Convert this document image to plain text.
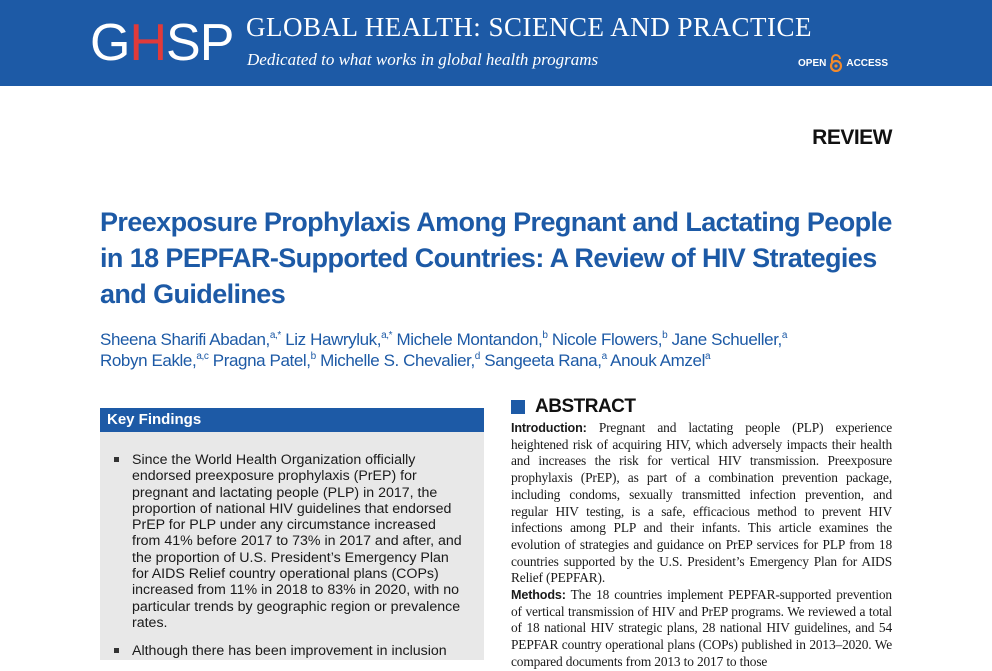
GHSP GLOBAL HEALTH: SCIENCE AND PRACTICE
Dedicated to what works in global health programs	OPEN ACCESS
REVIEW
Preexposure Prophylaxis Among Pregnant and Lactating People in 18 PEPFAR-Supported Countries: A Review of HIV Strategies and Guidelines
Sheena Sharifi Abadan,$^{a,*}$ Liz Hawryluk,$^{a,*}$ Michele Montandon,$^b$ Nicole Flowers,$^b$ Jane Schueller,$^a$
Robyn Eakle,$^{a,c}$ Pragna Patel,$^b$ Michelle S. Chevalier,$^d$ Sangeeta Rana,$^a$ Anouk Amzel$^a$
Key Findings
Since the World Health Organization officially endorsed preexposure prophylaxis (PrEP) for pregnant and lactating people (PLP) in 2017, the proportion of national HIV guidelines that endorsed PrEP for PLP under any circumstance increased from 41% before 2017 to 73% in 2017 and after, and the proportion of U.S. President’s Emergency Plan for AIDS Relief country operational plans (COPs) increased from 11% in 2018 to 83% in 2020, with no particular trends by geographic region or prevalence rates.
Although there has been improvement in inclusion
ABSTRACT

Introduction: Pregnant and lactating people (PLP) experience heightened risk of acquiring HIV, which adversely impacts their health and increases the risk for vertical HIV transmission. Preexposure prophylaxis (PrEP), as part of a combination prevention package, including condoms, sexually transmitted infection prevention, and regular HIV testing, is a safe, efficacious method to prevent HIV infections among PLP and their infants. This article examines the evolution of strategies and guidance on PrEP services for PLP from 18 countries supported by the U.S. President’s Emergency Plan for AIDS Relief (PEPFAR).

Methods: The 18 countries implement PEPFAR-supported prevention of vertical transmission of HIV and PrEP programs. We reviewed a total of 18 national HIV strategic plans, 28 national HIV guidelines, and 54 PEPFAR country operational plans (COPs) published in 2013–2020. We compared documents from 2013 to 2017 to those
